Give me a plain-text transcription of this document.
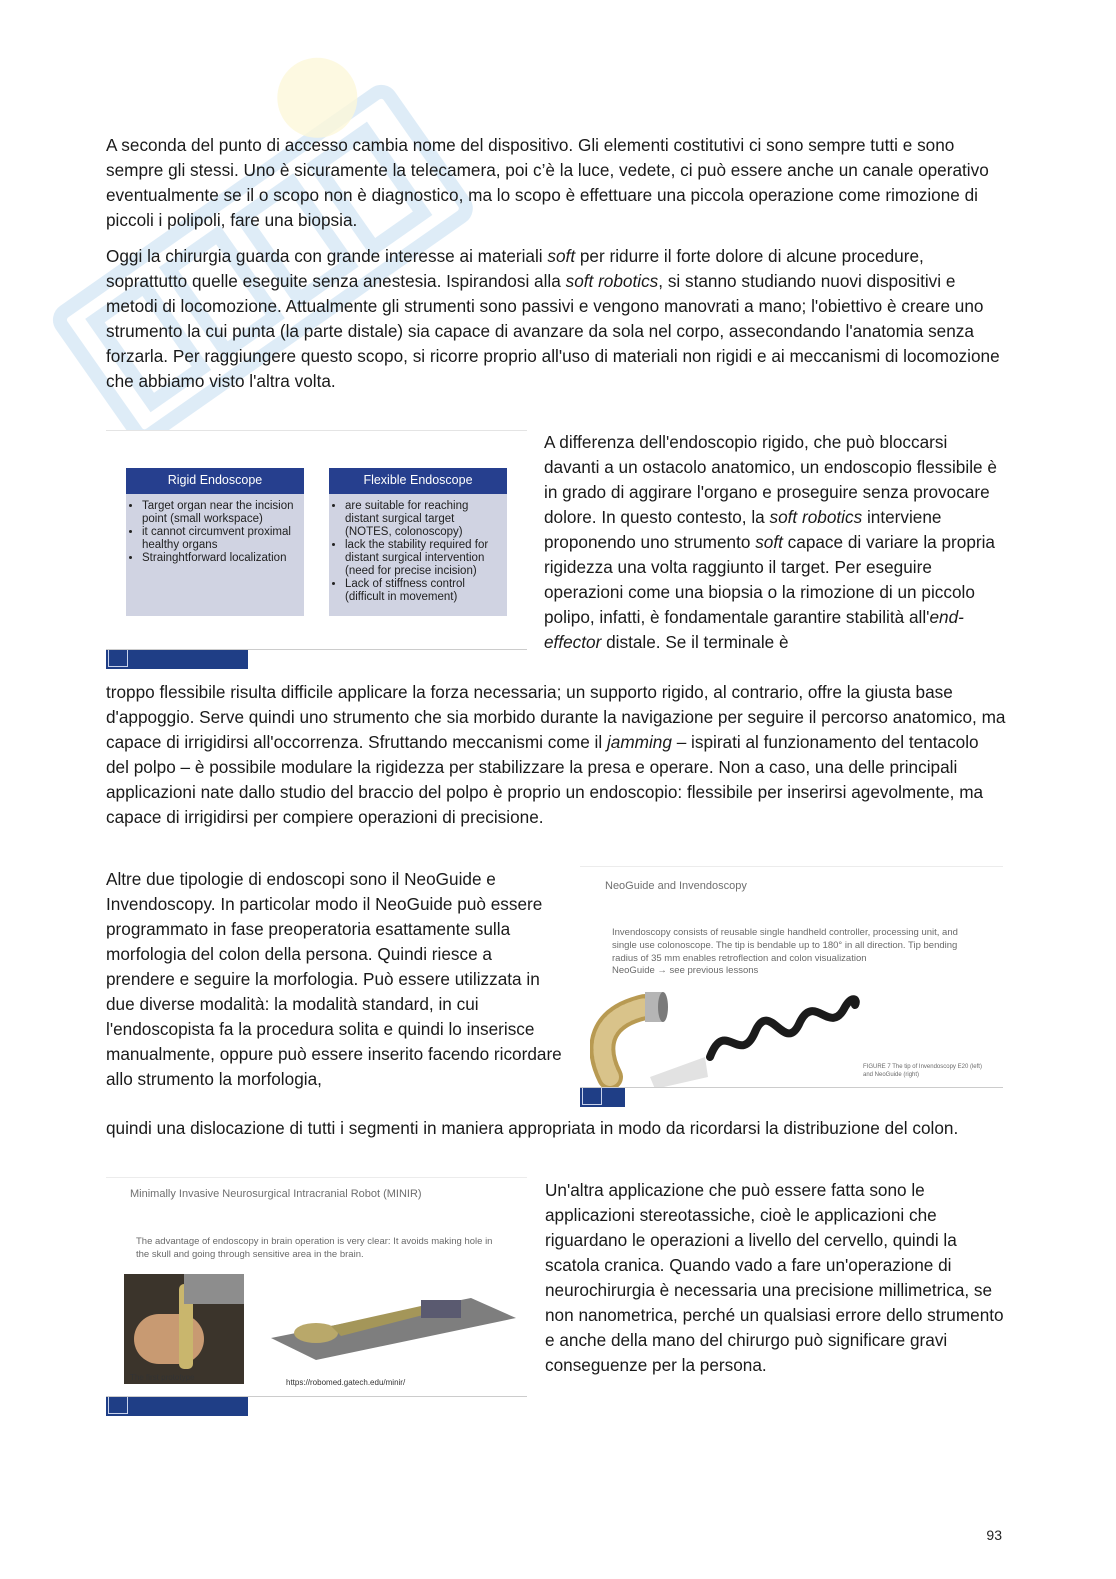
A seconda del punto di accesso cambia nome del dispositivo. Gli elementi costitutivi ci sono sempre tutti e sono sempre gli stessi. Uno è sicuramente la telecamera, poi c’è la luce, vedete, ci può essere anche un canale operativo eventualmente se il o scopo non è diagnostico, ma lo scopo è effettuare una piccola operazione come rimozione di piccoli i polipoli, fare una biopsia.

Oggi la chirurgia guarda con grande interesse ai materiali soft per ridurre il forte dolore di alcune procedure, soprattutto quelle eseguite senza anestesia. Ispirandosi alla soft robotics, si stanno studiando nuovi dispositivi e metodi di locomozione. Attualmente gli strumenti sono passivi e vengono manovrati a mano; l'obiettivo è creare uno strumento la cui punta (la parte distale) sia capace di avanzare da sola nel corpo, assecondando l'anatomia senza forzarla. Per raggiungere questo scopo, si ricorre proprio all'uso di materiali non rigidi e ai meccanismi di locomozione che abbiamo visto l'altra volta.

Rigid Endoscope
• Target organ near the incision point (small workspace)
• it cannot circumvent proximal healthy organs
• Strainghtforward localization
Flexible Endoscope
• are suitable for reaching distant surgical target (NOTES, colonoscopy)
• lack the stability required for distant surgical intervention (need for precise incision)
• Lack of stiffness control (difficult in movement)

A differenza dell'endoscopio rigido, che può bloccarsi davanti a un ostacolo anatomico, un endoscopio flessibile è in grado di aggirare l'organo e proseguire senza provocare dolore. In questo contesto, la soft robotics interviene proponendo uno strumento soft capace di variare la propria rigidezza una volta raggiunto il target. Per eseguire operazioni come una biopsia o la rimozione di un piccolo polipo, infatti, è fondamentale garantire stabilità all'end-effector distale. Se il terminale è

troppo flessibile risulta difficile applicare la forza necessaria; un supporto rigido, al contrario, offre la giusta base d'appoggio. Serve quindi uno strumento che sia morbido durante la navigazione per seguire il percorso anatomico, ma capace di irrigidirsi all'occorrenza. Sfruttando meccanismi come il jamming – ispirati al funzionamento del tentacolo del polpo – è possibile modulare la rigidezza per stabilizzare la presa e operare. Non a caso, una delle principali applicazioni nate dallo studio del braccio del polpo è proprio un endoscopio: flessibile per inserirsi agevolmente, ma capace di irrigidirsi per compiere operazioni di precisione.

Altre due tipologie di endoscopi sono il NeoGuide e Invendoscopy. In particolar modo il NeoGuide può essere programmato in fase preoperatoria esattamente sulla morfologia del colon della persona. Quindi riesce a prendere e seguire la morfologia. Può essere utilizzata in due diverse modalità: la modalità standard, in cui l'endoscopista fa la procedura solita e quindi lo inserisce manualmente, oppure può essere inserito facendo ricordare allo strumento la morfologia,

NeoGuide and Invendoscopy
Invendoscopy consists of reusable single handheld controller, processing unit, and single use colonoscope. The tip is bendable up to 180° in all direction. Tip bending radius of 35 mm enables retroflection and colon visualization
NeoGuide → see previous lessons
FIGURE 7 The tip of Invendoscopy E20 (left) and NeoGuide (right)

quindi una dislocazione di tutti i segmenti in maniera appropriata in modo da ricordarsi la distribuzione del colon.

Minimally Invasive Neurosurgical Intracranial Robot (MINIR)
The advantage of endoscopy in brain operation is very clear: It avoids making hole in the skull and going through sensitive area in the brain.
The first prototype
https://robomed.gatech.edu/minir/

Un'altra applicazione che può essere fatta sono le applicazioni stereotassiche, cioè le applicazioni che riguardano le operazioni a livello del cervello, quindi la scatola cranica. Quando vado a fare un'operazione di neurochirurgia è necessaria una precisione millimetrica, se non nanometrica, perché un qualsiasi errore dello strumento e anche della mano del chirurgo può significare gravi conseguenze per la persona.

93
